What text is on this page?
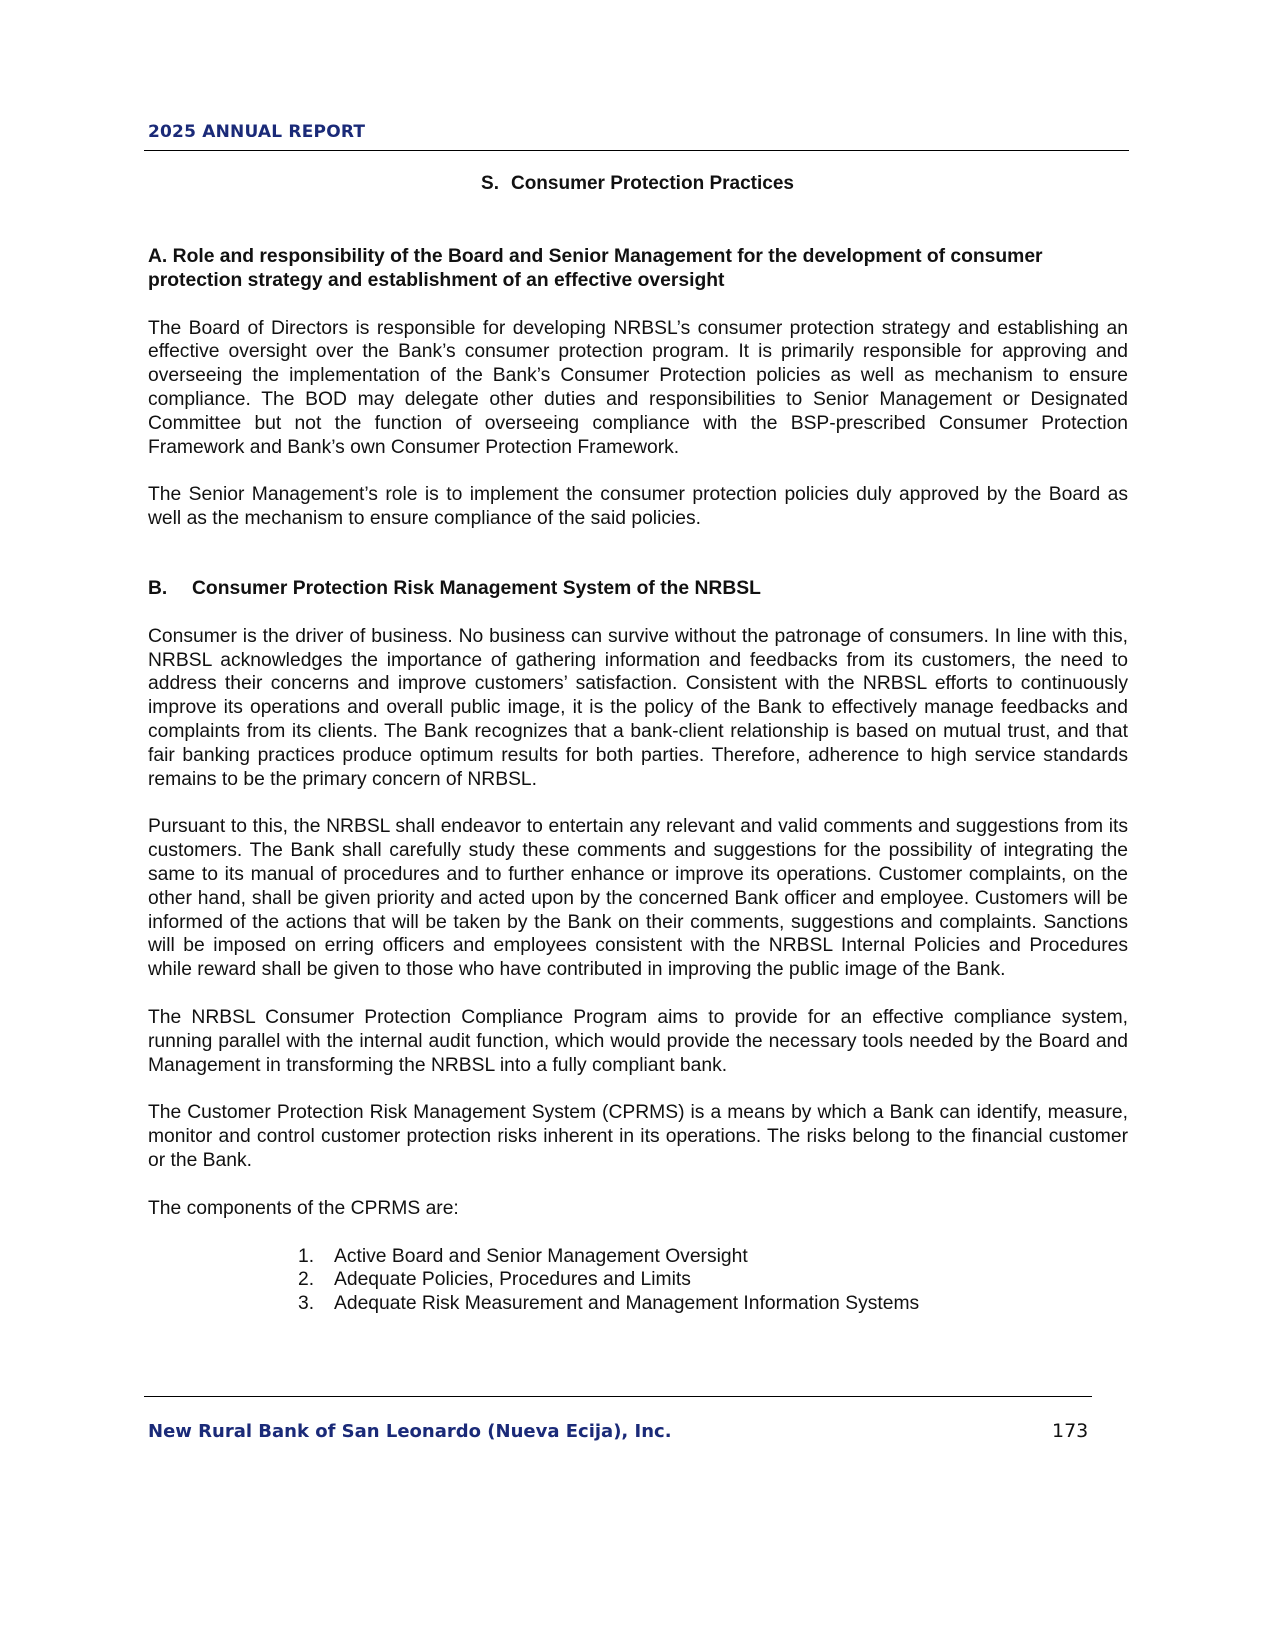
2025 ANNUAL REPORT
S. Consumer Protection Practices

A. Role and responsibility of the Board and Senior Management for the development of consumer protection strategy and establishment of an effective oversight

The Board of Directors is responsible for developing NRBSL’s consumer protection strategy and establishing an effective oversight over the Bank’s consumer protection program. It is primarily responsible for approving and overseeing the implementation of the Bank’s Consumer Protection policies as well as mechanism to ensure compliance. The BOD may delegate other duties and responsibilities to Senior Management or Designated Committee but not the function of overseeing compliance with the BSP-prescribed Consumer Protection Framework and Bank’s own Consumer Protection Framework.

The Senior Management’s role is to implement the consumer protection policies duly approved by the Board as well as the mechanism to ensure compliance of the said policies.

B.	Consumer Protection Risk Management System of the NRBSL

Consumer is the driver of business. No business can survive without the patronage of consumers. In line with this, NRBSL acknowledges the importance of gathering information and feedbacks from its customers, the need to address their concerns and improve customers’ satisfaction. Consistent with the NRBSL efforts to continuously improve its operations and overall public image, it is the policy of the Bank to effectively manage feedbacks and complaints from its clients. The Bank recognizes that a bank-client relationship is based on mutual trust, and that fair banking practices produce optimum results for both parties. Therefore, adherence to high service standards remains to be the primary concern of NRBSL.

Pursuant to this, the NRBSL shall endeavor to entertain any relevant and valid comments and suggestions from its customers. The Bank shall carefully study these comments and suggestions for the possibility of integrating the same to its manual of procedures and to further enhance or improve its operations. Customer complaints, on the other hand, shall be given priority and acted upon by the concerned Bank officer and employee. Customers will be informed of the actions that will be taken by the Bank on their comments, suggestions and complaints. Sanctions will be imposed on erring officers and employees consistent with the NRBSL Internal Policies and Procedures while reward shall be given to those who have contributed in improving the public image of the Bank.

The NRBSL Consumer Protection Compliance Program aims to provide for an effective compliance system, running parallel with the internal audit function, which would provide the necessary tools needed by the Board and Management in transforming the NRBSL into a fully compliant bank.

The Customer Protection Risk Management System (CPRMS) is a means by which a Bank can identify, measure, monitor and control customer protection risks inherent in its operations. The risks belong to the financial customer or the Bank.

The components of the CPRMS are:

1.	Active Board and Senior Management Oversight
2.	Adequate Policies, Procedures and Limits
3.	Adequate Risk Measurement and Management Information Systems
New Rural Bank of San Leonardo (Nueva Ecija), Inc.	173
